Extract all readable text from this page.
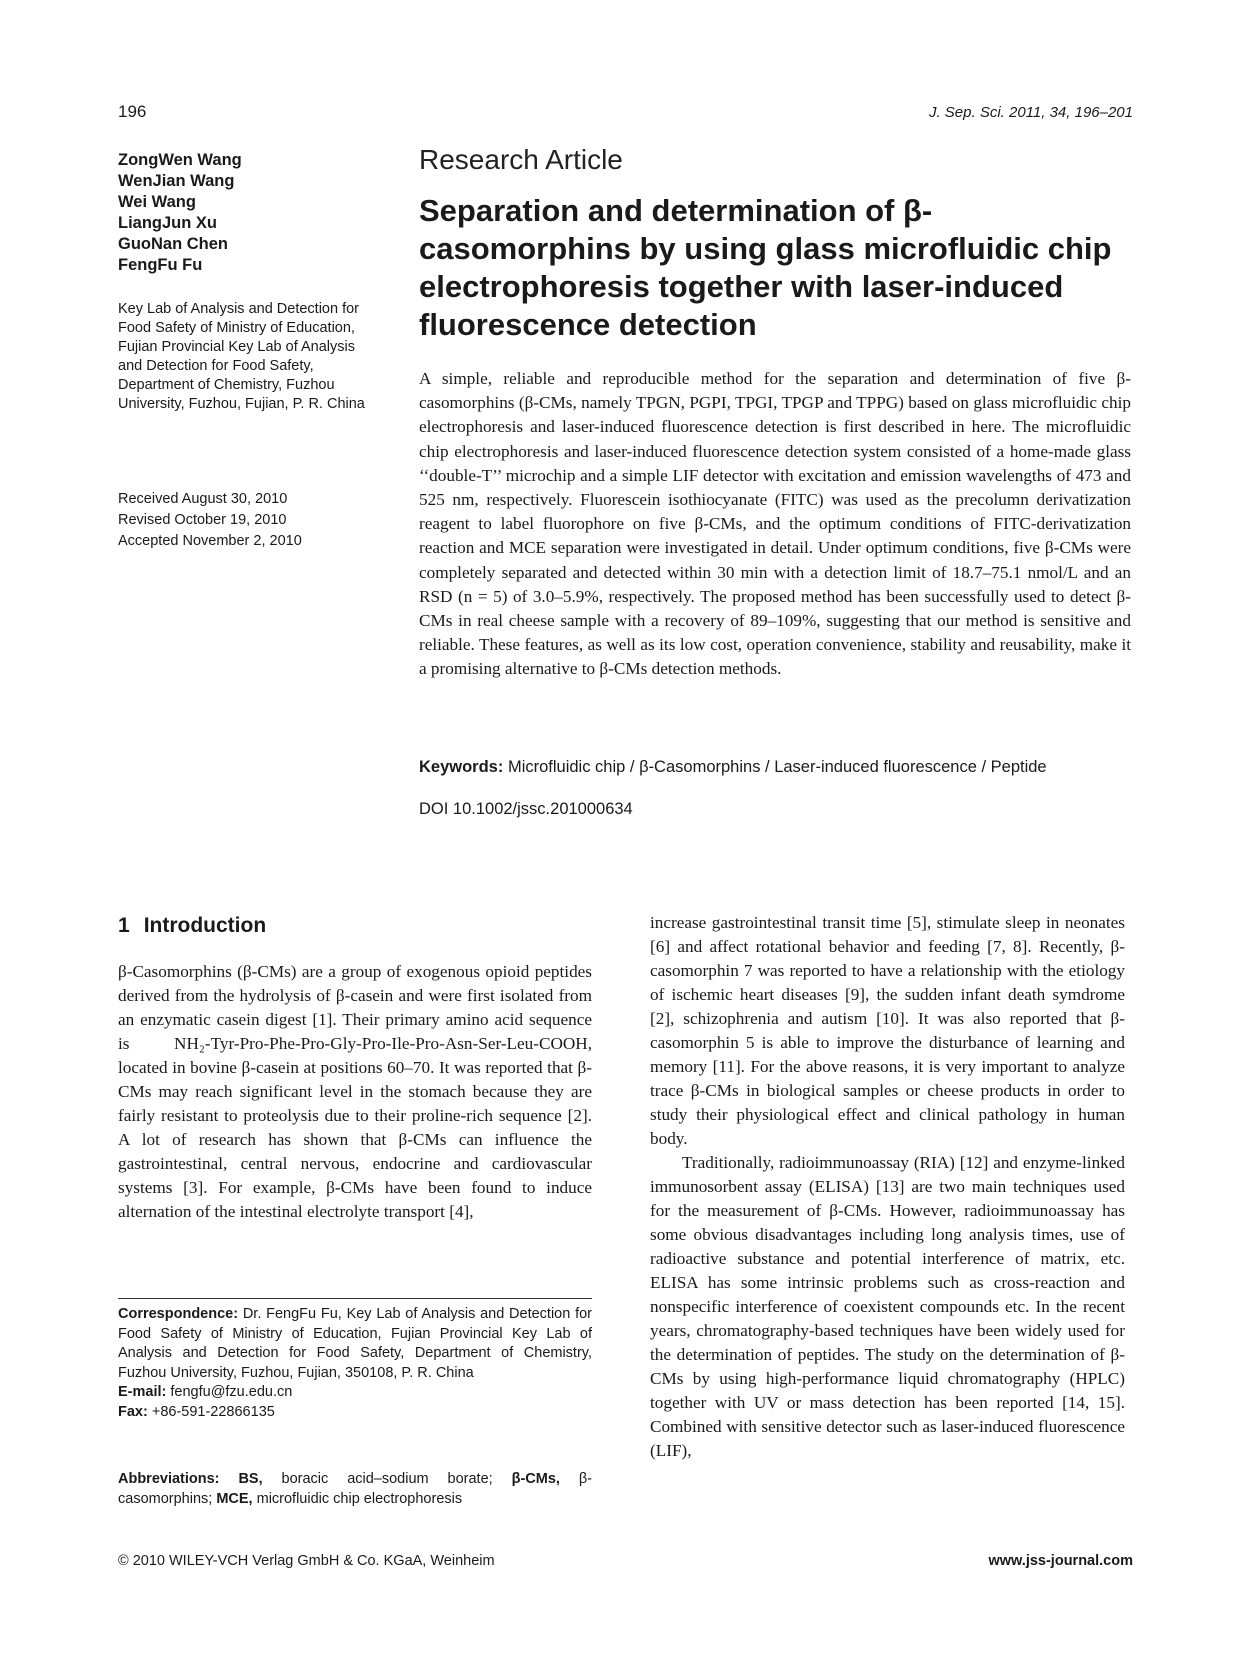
196	J. Sep. Sci. 2011, 34, 196–201
ZongWen Wang
WenJian Wang
Wei Wang
LiangJun Xu
GuoNan Chen
FengFu Fu
Key Lab of Analysis and Detection for Food Safety of Ministry of Education, Fujian Provincial Key Lab of Analysis and Detection for Food Safety, Department of Chemistry, Fuzhou University, Fuzhou, Fujian, P. R. China
Received August 30, 2010
Revised October 19, 2010
Accepted November 2, 2010
Research Article
Separation and determination of β-casomorphins by using glass microfluidic chip electrophoresis together with laser-induced fluorescence detection
A simple, reliable and reproducible method for the separation and determination of five β-casomorphins (β-CMs, namely TPGN, PGPI, TPGI, TPGP and TPPG) based on glass microfluidic chip electrophoresis and laser-induced fluorescence detection is first described in here. The microfluidic chip electrophoresis and laser-induced fluorescence detection system consisted of a home-made glass ‘‘double-T’’ microchip and a simple LIF detector with excitation and emission wavelengths of 473 and 525 nm, respectively. Fluorescein isothiocyanate (FITC) was used as the precolumn derivatization reagent to label fluorophore on five β-CMs, and the optimum conditions of FITC-derivatization reaction and MCE separation were investigated in detail. Under optimum conditions, five β-CMs were completely separated and detected within 30 min with a detection limit of 18.7–75.1 nmol/L and an RSD (n = 5) of 3.0–5.9%, respectively. The proposed method has been successfully used to detect β-CMs in real cheese sample with a recovery of 89–109%, suggesting that our method is sensitive and reliable. These features, as well as its low cost, operation convenience, stability and reusability, make it a promising alternative to β-CMs detection methods.
Keywords: Microfluidic chip / β-Casomorphins / Laser-induced fluorescence / Peptide
DOI 10.1002/jssc.201000634
1 Introduction

β-Casomorphins (β-CMs) are a group of exogenous opioid peptides derived from the hydrolysis of β-casein and were first isolated from an enzymatic casein digest [1]. Their primary amino acid sequence is NH₂-Tyr-Pro-Phe-Pro-Gly-Pro-Ile-Pro-Asn-Ser-Leu-COOH, located in bovine β-casein at positions 60–70. It was reported that β-CMs may reach significant level in the stomach because they are fairly resistant to proteolysis due to their proline-rich sequence [2]. A lot of research has shown that β-CMs can influence the gastrointestinal, central nervous, endocrine and cardiovascular systems [3]. For example, β-CMs have been found to induce alternation of the intestinal electrolyte transport [4],

increase gastrointestinal transit time [5], stimulate sleep in neonates [6] and affect rotational behavior and feeding [7, 8]. Recently, β-casomorphin 7 was reported to have a relationship with the etiology of ischemic heart diseases [9], the sudden infant death symdrome [2], schizophrenia and autism [10]. It was also reported that β-casomorphin 5 is able to improve the disturbance of learning and memory [11]. For the above reasons, it is very important to analyze trace β-CMs in biological samples or cheese products in order to study their physiological effect and clinical pathology in human body.

Traditionally, radioimmunoassay (RIA) [12] and enzyme-linked immunosorbent assay (ELISA) [13] are two main techniques used for the measurement of β-CMs. However, radioimmunoassay has some obvious disadvantages including long analysis times, use of radioactive substance and potential interference of matrix, etc. ELISA has some intrinsic problems such as cross-reaction and nonspecific interference of coexistent compounds etc. In the recent years, chromatography-based techniques have been widely used for the determination of peptides. The study on the determination of β-CMs by using high-performance liquid chromatography (HPLC) together with UV or mass detection has been reported [14, 15]. Combined with sensitive detector such as laser-induced fluorescence (LIF),

Correspondence: Dr. FengFu Fu, Key Lab of Analysis and Detection for Food Safety of Ministry of Education, Fujian Provincial Key Lab of Analysis and Detection for Food Safety, Department of Chemistry, Fuzhou University, Fuzhou, Fujian, 350108, P. R. China
E-mail: fengfu@fzu.edu.cn
Fax: +86-591-22866135
Abbreviations: BS, boracic acid–sodium borate; β-CMs, β-casomorphins; MCE, microfluidic chip electrophoresis
© 2010 WILEY-VCH Verlag GmbH & Co. KGaA, Weinheim	www.jss-journal.com
